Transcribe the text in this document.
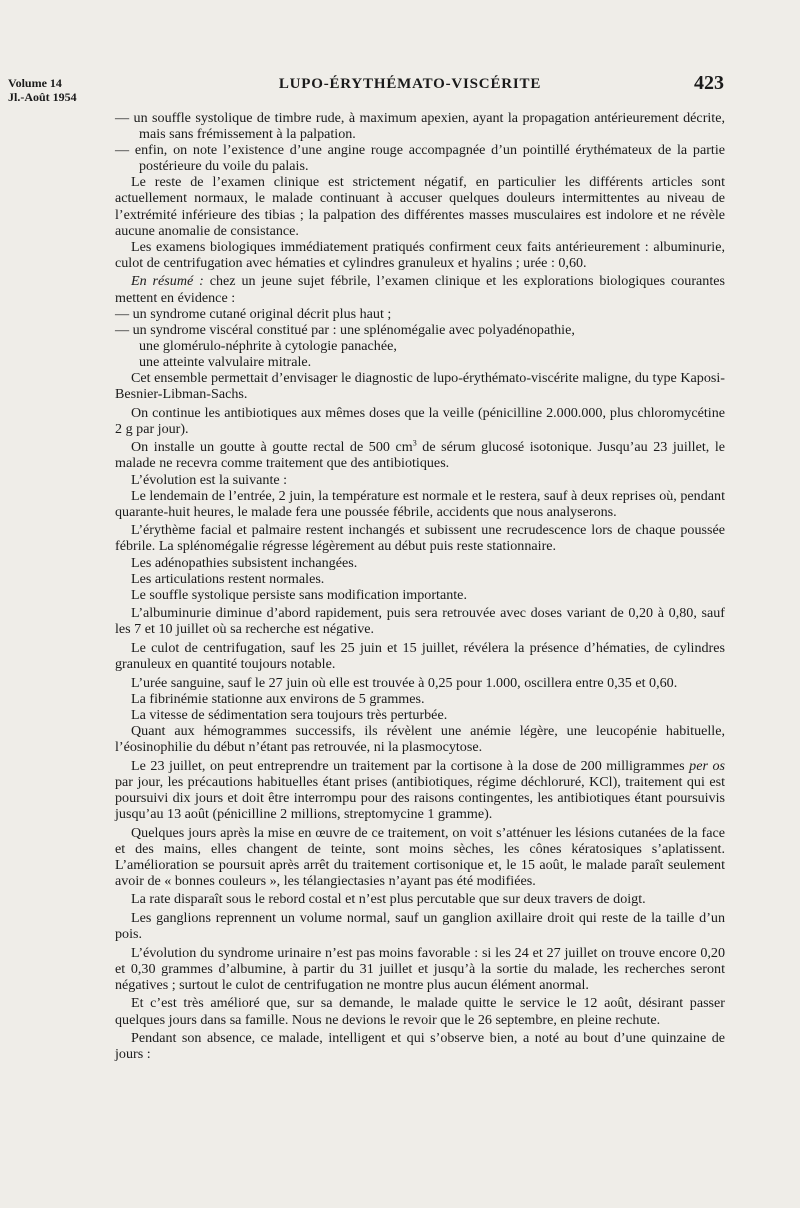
Volume 14
Jl.-Août 1954
LUPO-ÉRYTHÉMATO-VISCÉRITE	423

— un souffle systolique de timbre rude, à maximum apexien, ayant la propagation antérieurement décrite, mais sans frémissement à la palpation.

— enfin, on note l’existence d’une angine rouge accompagnée d’un pointillé érythémateux de la partie postérieure du voile du palais.

Le reste de l’examen clinique est strictement négatif, en particulier les différents articles sont actuellement normaux, le malade continuant à accuser quelques douleurs intermittentes au niveau de l’extrémité inférieure des tibias ; la palpation des différentes masses musculaires est indolore et ne révèle aucune anomalie de consistance.

Les examens biologiques immédiatement pratiqués confirment ceux faits antérieurement : albuminurie, culot de centrifugation avec hématies et cylindres granuleux et hyalins ; urée : 0,60.

En résumé : chez un jeune sujet fébrile, l’examen clinique et les explorations biologiques courantes mettent en évidence :

— un syndrome cutané original décrit plus haut ;

— un syndrome viscéral constitué par : une splénomégalie avec polyadénopathie,

une glomérulo-néphrite à cytologie panachée,

une atteinte valvulaire mitrale.

Cet ensemble permettait d’envisager le diagnostic de lupo-érythémato-viscérite maligne, du type Kaposi-Besnier-Libman-Sachs.

On continue les antibiotiques aux mêmes doses que la veille (pénicilline 2.000.000, plus chloromycétine 2 g par jour).

On installe un goutte à goutte rectal de 500 $cm^3$ de sérum glucosé isotonique. Jusqu’au 23 juillet, le malade ne recevra comme traitement que des antibiotiques.

L’évolution est la suivante :

Le lendemain de l’entrée, 2 juin, la température est normale et le restera, sauf à deux reprises où, pendant quarante-huit heures, le malade fera une poussée fébrile, accidents que nous analyserons.

L’érythème facial et palmaire restent inchangés et subissent une recrudescence lors de chaque poussée fébrile. La splénomégalie régresse légèrement au début puis reste stationnaire.

Les adénopathies subsistent inchangées.

Les articulations restent normales.

Le souffle systolique persiste sans modification importante.

L’albuminurie diminue d’abord rapidement, puis sera retrouvée avec doses variant de 0,20 à 0,80, sauf les 7 et 10 juillet où sa recherche est négative.

Le culot de centrifugation, sauf les 25 juin et 15 juillet, révélera la présence d’hématies, de cylindres granuleux en quantité toujours notable.

L’urée sanguine, sauf le 27 juin où elle est trouvée à 0,25 pour 1.000, oscillera entre 0,35 et 0,60.

La fibrinémie stationne aux environs de 5 grammes.

La vitesse de sédimentation sera toujours très perturbée.

Quant aux hémogrammes successifs, ils révèlent une anémie légère, une leucopénie habituelle, l’éosinophilie du début n’étant pas retrouvée, ni la plasmocytose.

Le 23 juillet, on peut entreprendre un traitement par la cortisone à la dose de 200 milligrammes per os par jour, les précautions habituelles étant prises (antibiotiques, régime déchloruré, KCl), traitement qui est poursuivi dix jours et doit être interrompu pour des raisons contingentes, les antibiotiques étant poursuivis jusqu’au 13 août (pénicilline 2 millions, streptomycine 1 gramme).

Quelques jours après la mise en œuvre de ce traitement, on voit s’atténuer les lésions cutanées de la face et des mains, elles changent de teinte, sont moins sèches, les cônes kératosiques s’aplatissent. L’amélioration se poursuit après arrêt du traitement cortisonique et, le 15 août, le malade paraît seulement avoir de « bonnes couleurs », les télangiectasies n’ayant pas été modifiées.

La rate disparaît sous le rebord costal et n’est plus percutable que sur deux travers de doigt.

Les ganglions reprennent un volume normal, sauf un ganglion axillaire droit qui reste de la taille d’un pois.

L’évolution du syndrome urinaire n’est pas moins favorable : si les 24 et 27 juillet on trouve encore 0,20 et 0,30 grammes d’albumine, à partir du 31 juillet et jusqu’à la sortie du malade, les recherches seront négatives ; surtout le culot de centrifugation ne montre plus aucun élément anormal.

Et c’est très amélioré que, sur sa demande, le malade quitte le service le 12 août, désirant passer quelques jours dans sa famille. Nous ne devions le revoir que le 26 septembre, en pleine rechute.

Pendant son absence, ce malade, intelligent et qui s’observe bien, a noté au bout d’une quinzaine de jours :
